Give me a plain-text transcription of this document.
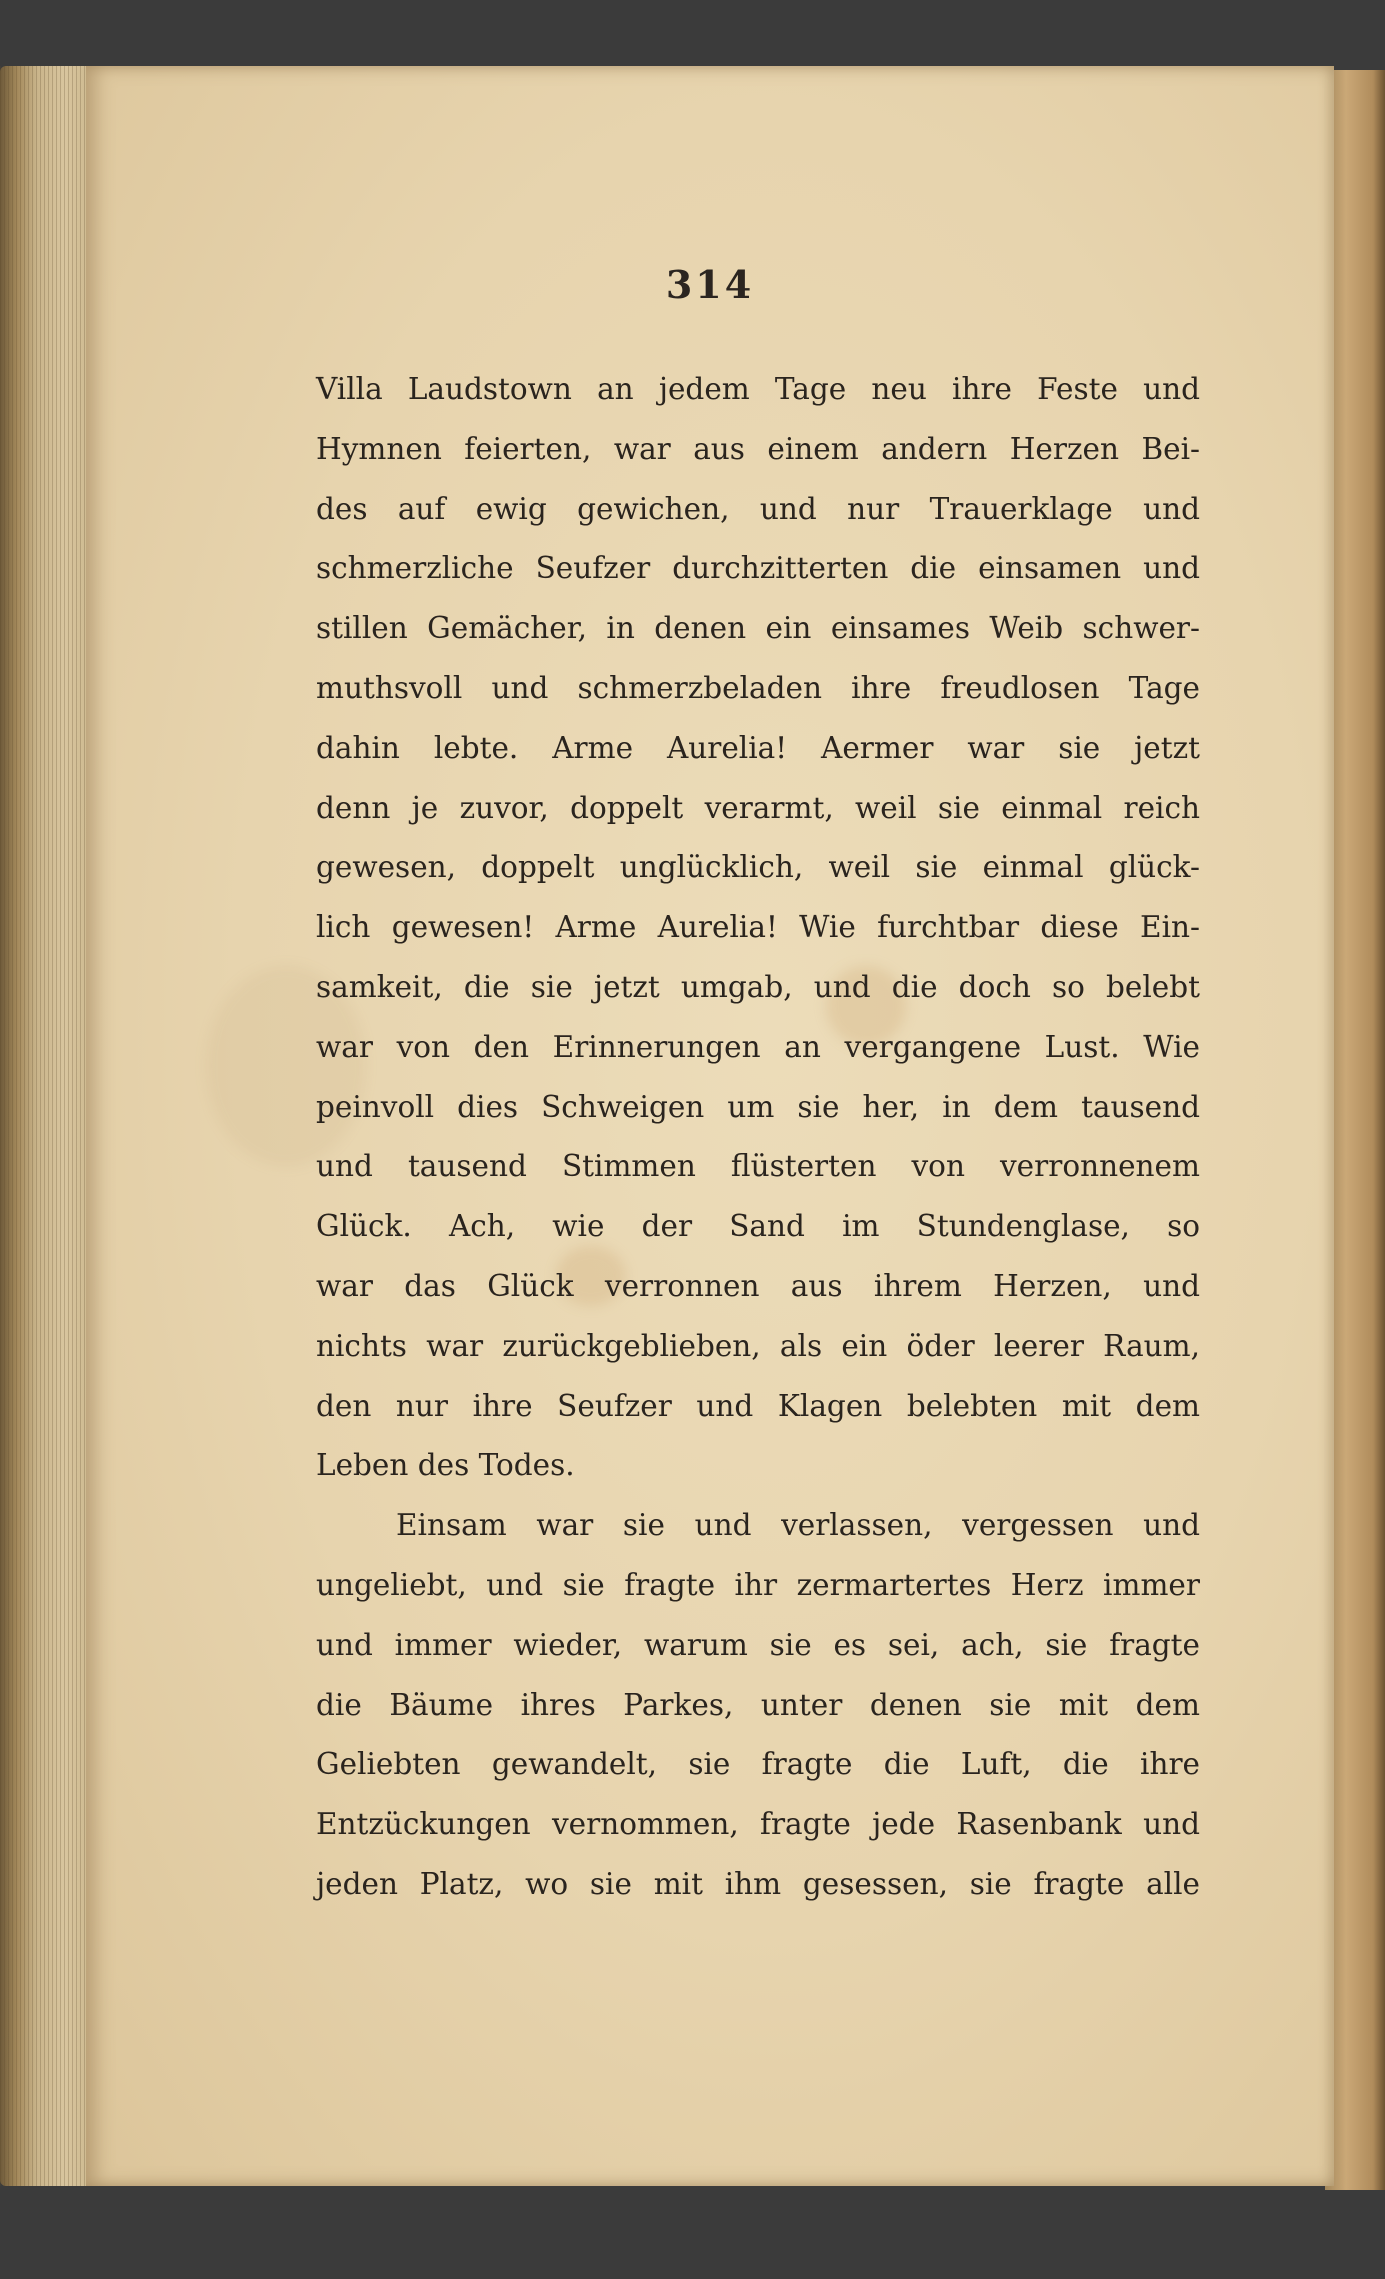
314
Villa Laudstown an jedem Tage neu ihre Feste und
Hymnen feierten, war aus einem andern Herzen Bei-
des auf ewig gewichen, und nur Trauerklage und
schmerzliche Seufzer durchzitterten die einsamen und
stillen Gemächer, in denen ein einsames Weib schwer-
muthsvoll und schmerzbeladen ihre freudlosen Tage
dahin lebte. Arme Aurelia! Aermer war sie jetzt
denn je zuvor, doppelt verarmt, weil sie einmal reich
gewesen, doppelt unglücklich, weil sie einmal glück-
lich gewesen! Arme Aurelia! Wie furchtbar diese Ein-
samkeit, die sie jetzt umgab, und die doch so belebt
war von den Erinnerungen an vergangene Lust. Wie
peinvoll dies Schweigen um sie her, in dem tausend
und tausend Stimmen flüsterten von verronnenem
Glück. Ach, wie der Sand im Stundenglase, so
war das Glück verronnen aus ihrem Herzen, und
nichts war zurückgeblieben, als ein öder leerer Raum,
den nur ihre Seufzer und Klagen belebten mit dem
Leben des Todes.
Einsam war sie und verlassen, vergessen und
ungeliebt, und sie fragte ihr zermartertes Herz immer
und immer wieder, warum sie es sei, ach, sie fragte
die Bäume ihres Parkes, unter denen sie mit dem
Geliebten gewandelt, sie fragte die Luft, die ihre
Entzückungen vernommen, fragte jede Rasenbank und
jeden Platz, wo sie mit ihm gesessen, sie fragte alle
